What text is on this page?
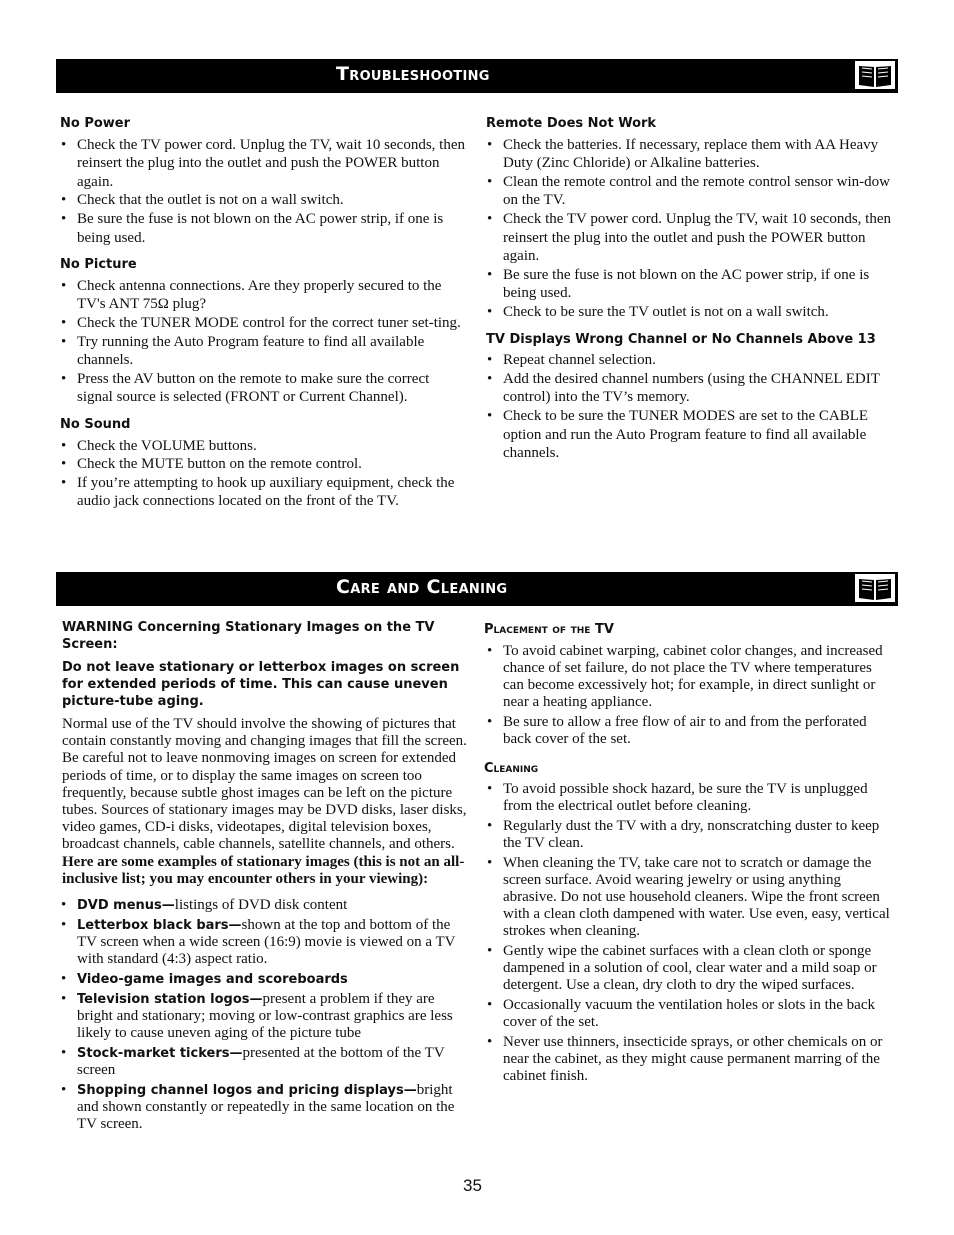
Troubleshooting
No Power
• Check the TV power cord. Unplug the TV, wait 10 seconds, then reinsert the plug into the outlet and push the POWER button again.
• Check that the outlet is not on a wall switch.
• Be sure the fuse is not blown on the AC power strip, if one is being used.
No Picture
• Check antenna connections. Are they properly secured to the TV's ANT 75Ω plug?
• Check the TUNER MODE control for the correct tuner set-ting.
• Try running the Auto Program feature to find all available channels.
• Press the AV button on the remote to make sure the correct signal source is selected (FRONT or Current Channel).
No Sound
• Check the VOLUME buttons.
• Check the MUTE button on the remote control.
• If you’re attempting to hook up auxiliary equipment, check the audio jack connections located on the front of the TV.
Remote Does Not Work
• Check the batteries. If necessary, replace them with AA Heavy Duty (Zinc Chloride) or Alkaline batteries.
• Clean the remote control and the remote control sensor win-dow on the TV.
• Check the TV power cord. Unplug the TV, wait 10 seconds, then reinsert the plug into the outlet and push the POWER button again.
• Be sure the fuse is not blown on the AC power strip, if one is being used.
• Check to be sure the TV outlet is not on a wall switch.
TV Displays Wrong Channel or No Channels Above 13
• Repeat channel selection.
• Add the desired channel numbers (using the CHANNEL EDIT control) into the TV’s memory.
• Check to be sure the TUNER MODES are set to the CABLE option and run the Auto Program feature to find all available channels.
Care and Cleaning
WARNING Concerning Stationary Images on the TV Screen:
Do not leave stationary or letterbox images on screen for extended periods of time. This can cause uneven picture-tube aging.
Normal use of the TV should involve the showing of pictures that contain constantly moving and changing images that fill the screen. Be careful not to leave nonmoving images on screen for extended periods of time, or to display the same images on screen too frequently, because subtle ghost images can be left on the picture tubes. Sources of stationary images may be DVD disks, laser disks, video games, CD-i disks, videotapes, digital television boxes, broadcast channels, cable channels, satellite channels, and others. Here are some examples of stationary images (this is not an all-inclusive list; you may encounter others in your viewing):
• DVD menus—listings of DVD disk content
• Letterbox black bars—shown at the top and bottom of the TV screen when a wide screen (16:9) movie is viewed on a TV with standard (4:3) aspect ratio.
• Video-game images and scoreboards
• Television station logos—present a problem if they are bright and stationary; moving or low-contrast graphics are less likely to cause uneven aging of the picture tube
• Stock-market tickers—presented at the bottom of the TV screen
• Shopping channel logos and pricing displays—bright and shown constantly or repeatedly in the same location on the TV screen.
Placement of the TV
• To avoid cabinet warping, cabinet color changes, and increased chance of set failure, do not place the TV where temperatures can become excessively hot; for example, in direct sunlight or near a heating appliance.
• Be sure to allow a free flow of air to and from the perforated back cover of the set.
Cleaning
• To avoid possible shock hazard, be sure the TV is unplugged from the electrical outlet before cleaning.
• Regularly dust the TV with a dry, nonscratching duster to keep the TV clean.
• When cleaning the TV, take care not to scratch or damage the screen surface. Avoid wearing jewelry or using anything abrasive. Do not use household cleaners. Wipe the front screen with a clean cloth dampened with water. Use even, easy, vertical strokes when cleaning.
• Gently wipe the cabinet surfaces with a clean cloth or sponge dampened in a solution of cool, clear water and a mild soap or detergent. Use a clean, dry cloth to dry the wiped surfaces.
• Occasionally vacuum the ventilation holes or slots in the back cover of the set.
• Never use thinners, insecticide sprays, or other chemicals on or near the cabinet, as they might cause permanent marring of the cabinet finish.
35
